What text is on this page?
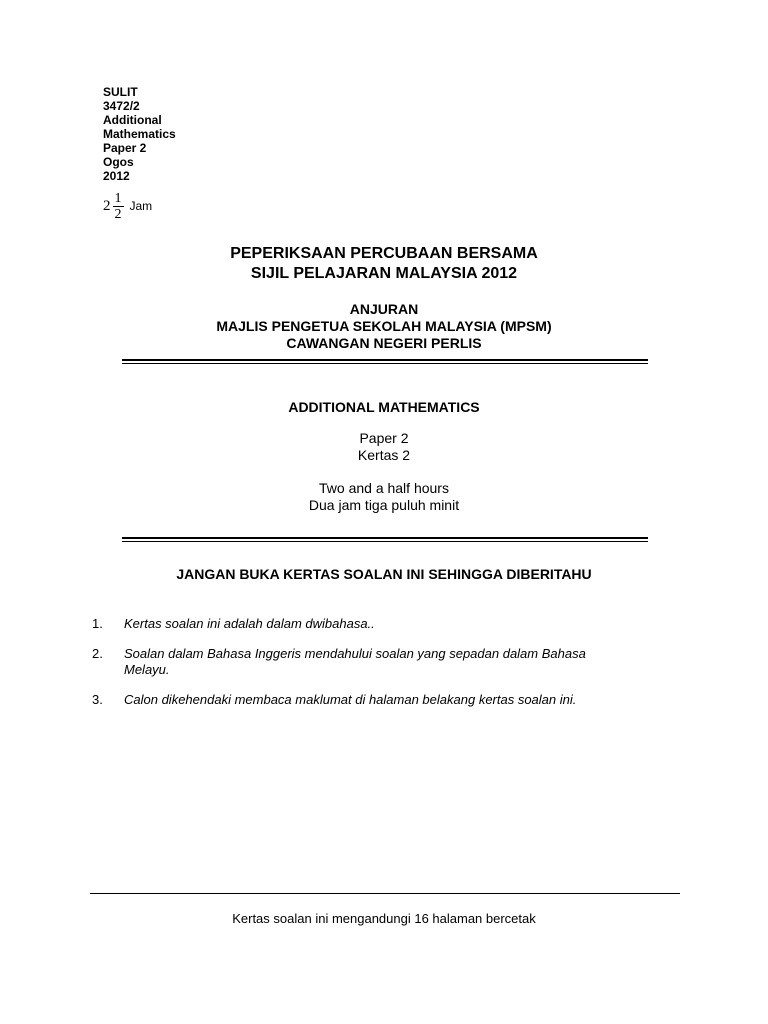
SULIT
3472/2
Additional
Mathematics
Paper 2
Ogos
2012
$2 \frac{1}{2}$ Jam
PEPERIKSAAN PERCUBAAN BERSAMA
SIJIL PELAJARAN MALAYSIA 2012
ANJURAN
MAJLIS PENGETUA SEKOLAH MALAYSIA (MPSM)
CAWANGAN NEGERI PERLIS
ADDITIONAL MATHEMATICS
Paper 2
Kertas 2
Two and a half hours
Dua jam tiga puluh minit
JANGAN BUKA KERTAS SOALAN INI SEHINGGA DIBERITAHU
1.	Kertas soalan ini adalah dalam dwibahasa..
2.	Soalan dalam Bahasa Inggeris mendahului soalan yang sepadan dalam Bahasa Melayu.
3.	Calon dikehendaki membaca maklumat di halaman belakang kertas soalan ini.
Kertas soalan ini mengandungi 16 halaman bercetak
